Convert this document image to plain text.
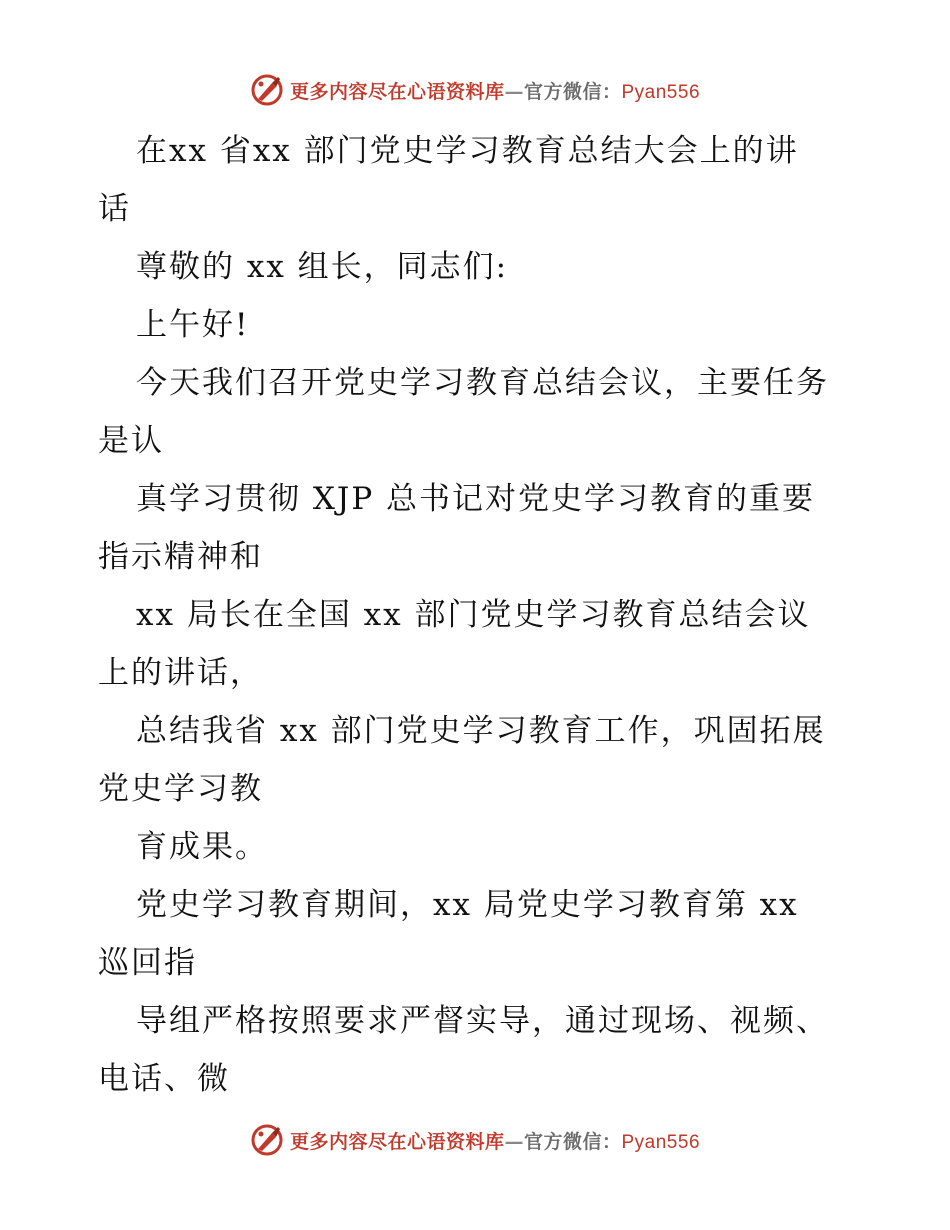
更多内容尽在心语资料库—官方微信：Pyan556
在xx 省xx 部门党史学习教育总结大会上的讲
话
尊敬的 xx 组长，同志们:
上午好!
今天我们召开党史学习教育总结会议，主要任务
是认
真学习贯彻 XJP 总书记对党史学习教育的重要
指示精神和
xx 局长在全国 xx 部门党史学习教育总结会议
上的讲话，
总结我省 xx 部门党史学习教育工作，巩固拓展
党史学习教
育成果。
党史学习教育期间，xx 局党史学习教育第 xx
巡回指
导组严格按照要求严督实导，通过现场、视频、
电话、微
更多内容尽在心语资料库—官方微信：Pyan556
